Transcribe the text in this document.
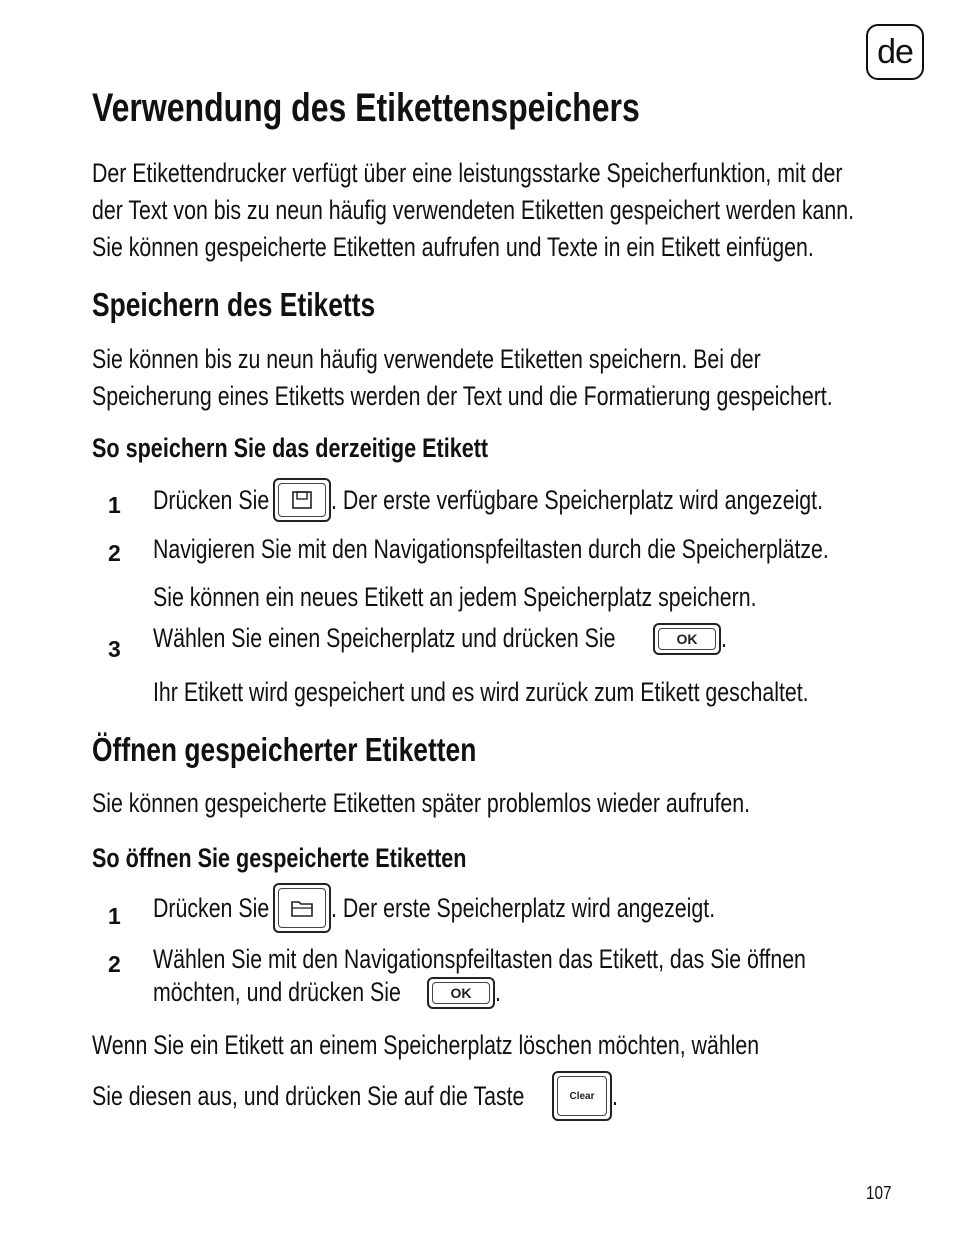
de
Verwendung des Etikettenspeichers
Der Etikettendrucker verfügt über eine leistungsstarke Speicherfunktion, mit der
der Text von bis zu neun häufig verwendeten Etiketten gespeichert werden kann.
Sie können gespeicherte Etiketten aufrufen und Texte in ein Etikett einfügen.
Speichern des Etiketts
Sie können bis zu neun häufig verwendete Etiketten speichern. Bei der
Speicherung eines Etiketts werden der Text und die Formatierung gespeichert.
So speichern Sie das derzeitige Etikett
1 Drücken Sie . Der erste verfügbare Speicherplatz wird angezeigt.
2 Navigieren Sie mit den Navigationspfeiltasten durch die Speicherplätze.
Sie können ein neues Etikett an jedem Speicherplatz speichern.
3 Wählen Sie einen Speicherplatz und drücken Sie	OK .
Ihr Etikett wird gespeichert und es wird zurück zum Etikett geschaltet.
Öffnen gespeicherter Etiketten
Sie können gespeicherte Etiketten später problemlos wieder aufrufen.
So öffnen Sie gespeicherte Etiketten
1 Drücken Sie . Der erste Speicherplatz wird angezeigt.
2 Wählen Sie mit den Navigationspfeiltasten das Etikett, das Sie öffnen
möchten, und drücken Sie	OK .
Wenn Sie ein Etikett an einem Speicherplatz löschen möchten, wählen
Sie diesen aus, und drücken Sie auf die Taste	Clear .
107
